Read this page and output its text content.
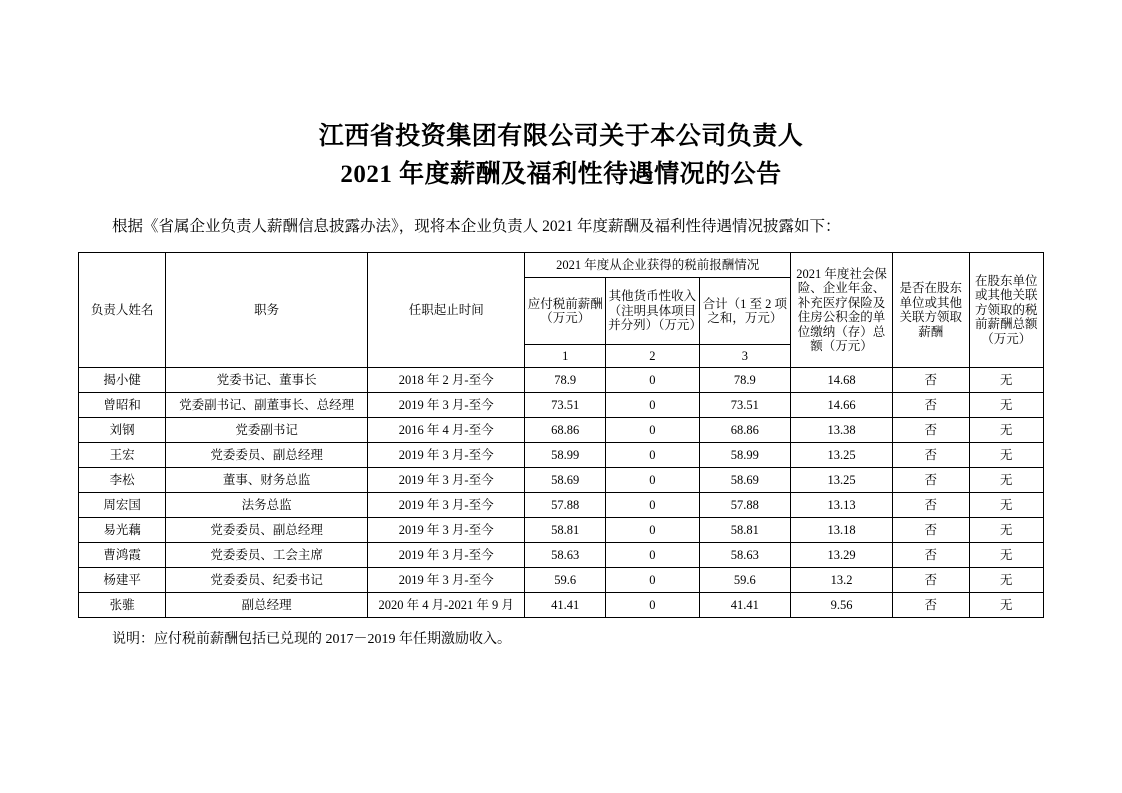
江西省投资集团有限公司关于本公司负责人
2021 年度薪酬及福利性待遇情况的公告
根据《省属企业负责人薪酬信息披露办法》，现将本企业负责人 2021 年度薪酬及福利性待遇情况披露如下：
负责人姓名	职务	任职起止时间	2021 年度从企业获得的税前报酬情况			2021 年度社会保险、企业年金、补充医疗保险及住房公积金的单位缴纳（存）总额（万元）	是否在股东单位或其他关联方领取薪酬	在股东单位或其他关联方领取的税前薪酬总额（万元）
			应付税前薪酬（万元）	其他货币性收入（注明具体项目并分列）（万元）	合计（1 至 2 项之和，万元）			
			1	2	3			
揭小健	党委书记、董事长	2018 年 2 月-至今	78.9	0	78.9	14.68	否	无
曾昭和	党委副书记、副董事长、总经理	2019 年 3 月-至今	73.51	0	73.51	14.66	否	无
刘钢	党委副书记	2016 年 4 月-至今	68.86	0	68.86	13.38	否	无
王宏	党委委员、副总经理	2019 年 3 月-至今	58.99	0	58.99	13.25	否	无
李松	董事、财务总监	2019 年 3 月-至今	58.69	0	58.69	13.25	否	无
周宏国	法务总监	2019 年 3 月-至今	57.88	0	57.88	13.13	否	无
易光藕	党委委员、副总经理	2019 年 3 月-至今	58.81	0	58.81	13.18	否	无
曹鸿霞	党委委员、工会主席	2019 年 3 月-至今	58.63	0	58.63	13.29	否	无
杨建平	党委委员、纪委书记	2019 年 3 月-至今	59.6	0	59.6	13.2	否	无
张骓	副总经理	2020 年 4 月-2021 年 9 月	41.41	0	41.41	9.56	否	无
说明：应付税前薪酬包括已兑现的 2017－2019 年任期激励收入。
